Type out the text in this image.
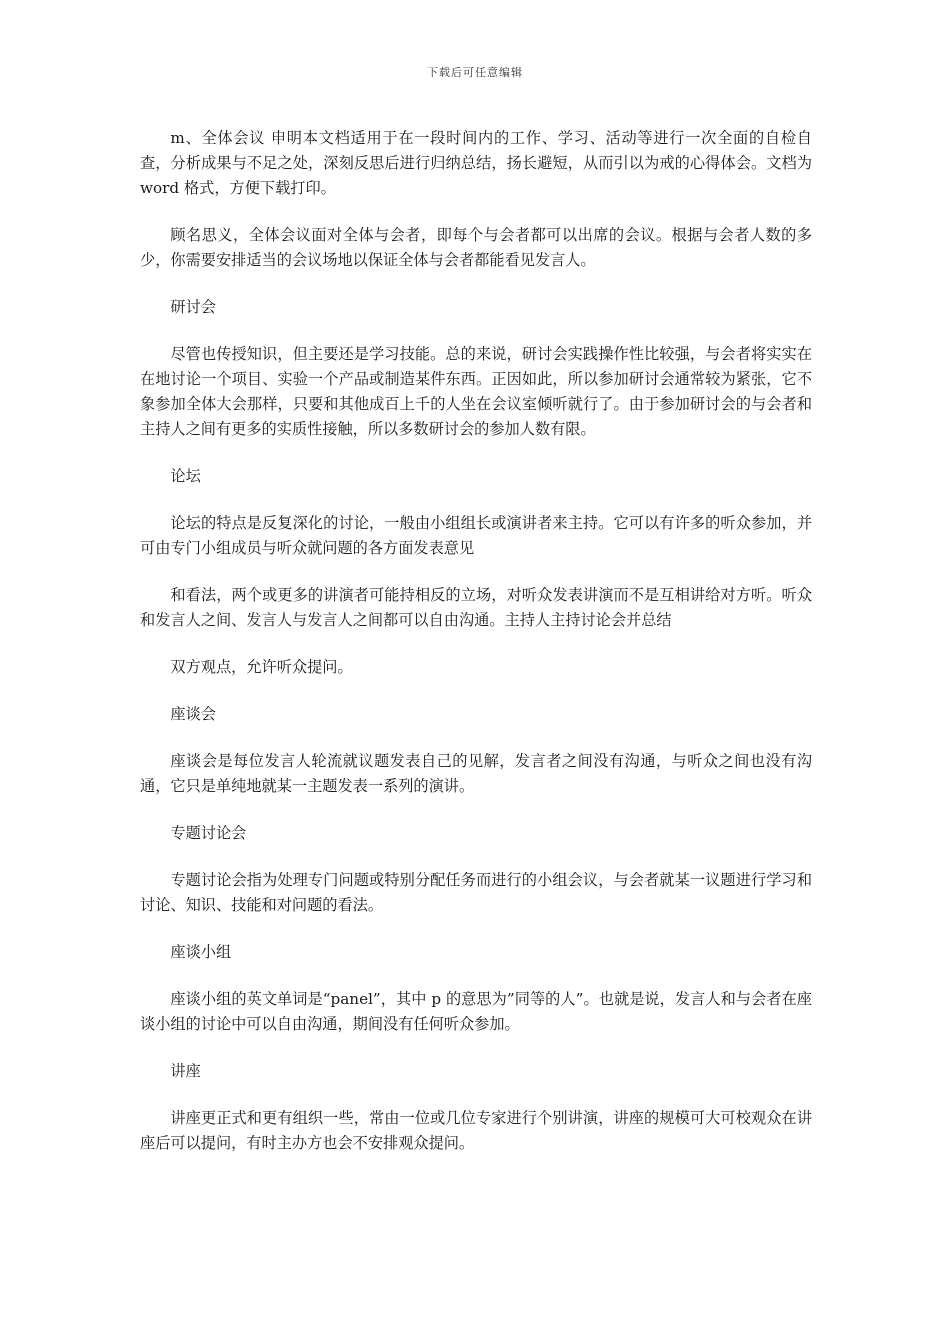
下载后可任意编辑

m、全体会议 申明本文档适用于在一段时间内的工作、学习、活动等进行一次全面的自检自查，分析成果与不足之处，深刻反思后进行归纳总结，扬长避短，从而引以为戒的心得体会。文档为 word 格式，方便下载打印。

顾名思义，全体会议面对全体与会者，即每个与会者都可以出席的会议。根据与会者人数的多少，你需要安排适当的会议场地以保证全体与会者都能看见发言人。

研讨会

尽管也传授知识，但主要还是学习技能。总的来说，研讨会实践操作性比较强，与会者将实实在在地讨论一个项目、实验一个产品或制造某件东西。正因如此，所以参加研讨会通常较为紧张，它不象参加全体大会那样，只要和其他成百上千的人坐在会议室倾听就行了。由于参加研讨会的与会者和主持人之间有更多的实质性接触，所以多数研讨会的参加人数有限。

论坛

论坛的特点是反复深化的讨论，一般由小组组长或演讲者来主持。它可以有许多的听众参加，并可由专门小组成员与听众就问题的各方面发表意见

和看法，两个或更多的讲演者可能持相反的立场，对听众发表讲演而不是互相讲给对方听。听众和发言人之间、发言人与发言人之间都可以自由沟通。主持人主持讨论会并总结

双方观点，允许听众提问。

座谈会

座谈会是每位发言人轮流就议题发表自己的见解，发言者之间没有沟通，与听众之间也没有沟通，它只是单纯地就某一主题发表一系列的演讲。

专题讨论会

专题讨论会指为处理专门问题或特别分配任务而进行的小组会议，与会者就某一议题进行学习和讨论、知识、技能和对问题的看法。

座谈小组

座谈小组的英文单词是“panel”，其中 p 的意思为”同等的人”。也就是说，发言人和与会者在座谈小组的讨论中可以自由沟通，期间没有任何听众参加。

讲座

讲座更正式和更有组织一些，常由一位或几位专家进行个别讲演，讲座的规模可大可校观众在讲座后可以提问，有时主办方也会不安排观众提问。
